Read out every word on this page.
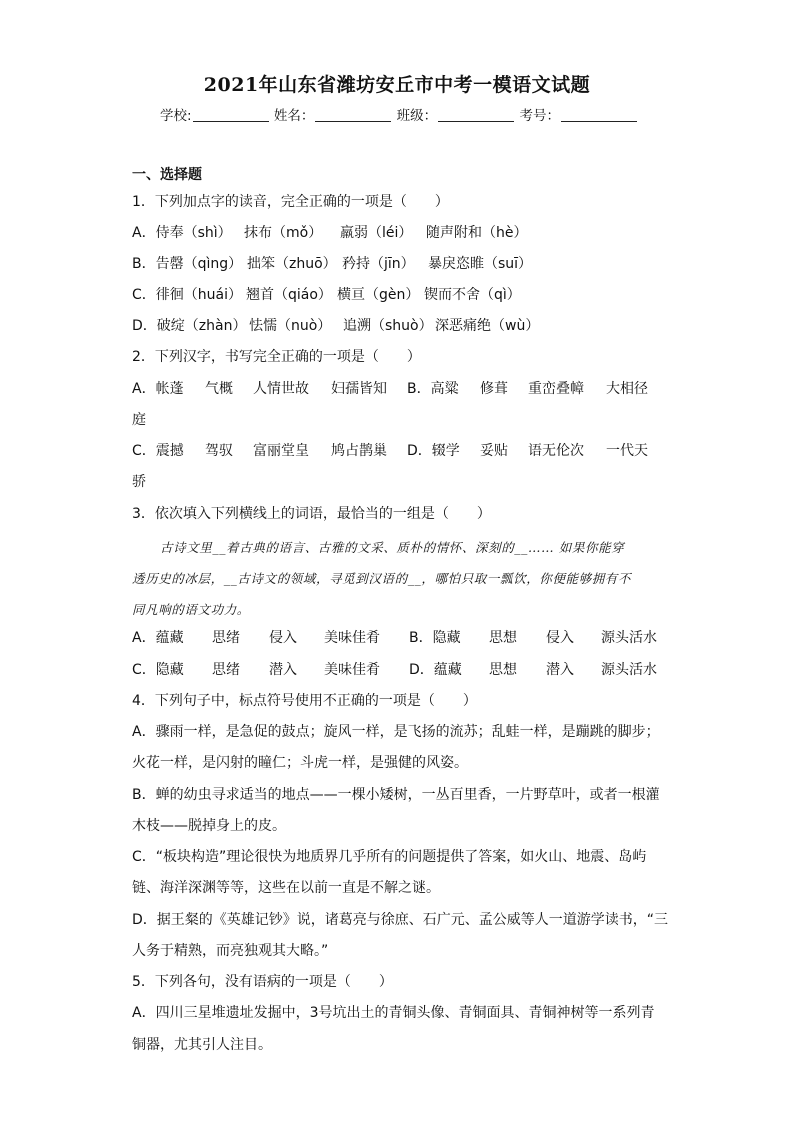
2021年山东省潍坊安丘市中考一模语文试题
学校:	姓名：	班级：	考号：
一、选择题
1．下列加点字的读音，完全正确的一项是（　　）
A．侍奉（shì） 抹布（mǒ） 羸弱（léi） 随声附和（hè）
B．告罄（qìng） 拙笨（zhuō） 矜持（jīn） 暴戾恣睢（suī）
C．徘徊（huái） 翘首（qiáo） 横亘（gèn） 锲而不舍（qì）
D．破绽（zhàn） 怯懦（nuò） 追溯（shuò） 深恶痛绝（wù）
2．下列汉字，书写完全正确的一项是（　　）
A．帐蓬 气概 人情世故 妇孺皆知 B．高粱 修葺 重峦叠幛 大相径
庭
C．震撼 驾驭 富丽堂皇 鸠占鹊巢 D．辍学 妥贴 语无伦次 一代天
骄
3．依次填入下列横线上的词语，最恰当的一组是（　　）
古诗文里__着古典的语言、古雅的文采、质朴的情怀、深刻的__…… 如果你能穿
透历史的冰层，__古诗文的领域，寻觅到汉语的__，哪怕只取一瓢饮，你便能够拥有不
同凡响的语文功力。
A．蕴藏 思绪 侵入 美味佳肴 B．隐藏 思想 侵入 源头活水
C．隐藏 思绪 潜入 美味佳肴 D．蕴藏 思想 潜入 源头活水
4．下列句子中，标点符号使用不正确的一项是（　　）
A．骤雨一样，是急促的鼓点；旋风一样，是飞扬的流苏；乱蛙一样，是蹦跳的脚步；
火花一样，是闪射的瞳仁；斗虎一样，是强健的风姿。
B．蝉的幼虫寻求适当的地点——一棵小矮树，一丛百里香，一片野草叶，或者一根灌
木枝——脱掉身上的皮。
C．“板块构造”理论很快为地质界几乎所有的问题提供了答案，如火山、地震、岛屿
链、海洋深渊等等，这些在以前一直是不解之谜。
D．据王粲的《英雄记钞》说，诸葛亮与徐庶、石广元、孟公威等人一道游学读书，“三
人务于精熟，而亮独观其大略。”
5．下列各句，没有语病的一项是（　　）
A．四川三星堆遗址发掘中，3号坑出土的青铜头像、青铜面具、青铜神树等一系列青
铜器，尤其引人注目。
